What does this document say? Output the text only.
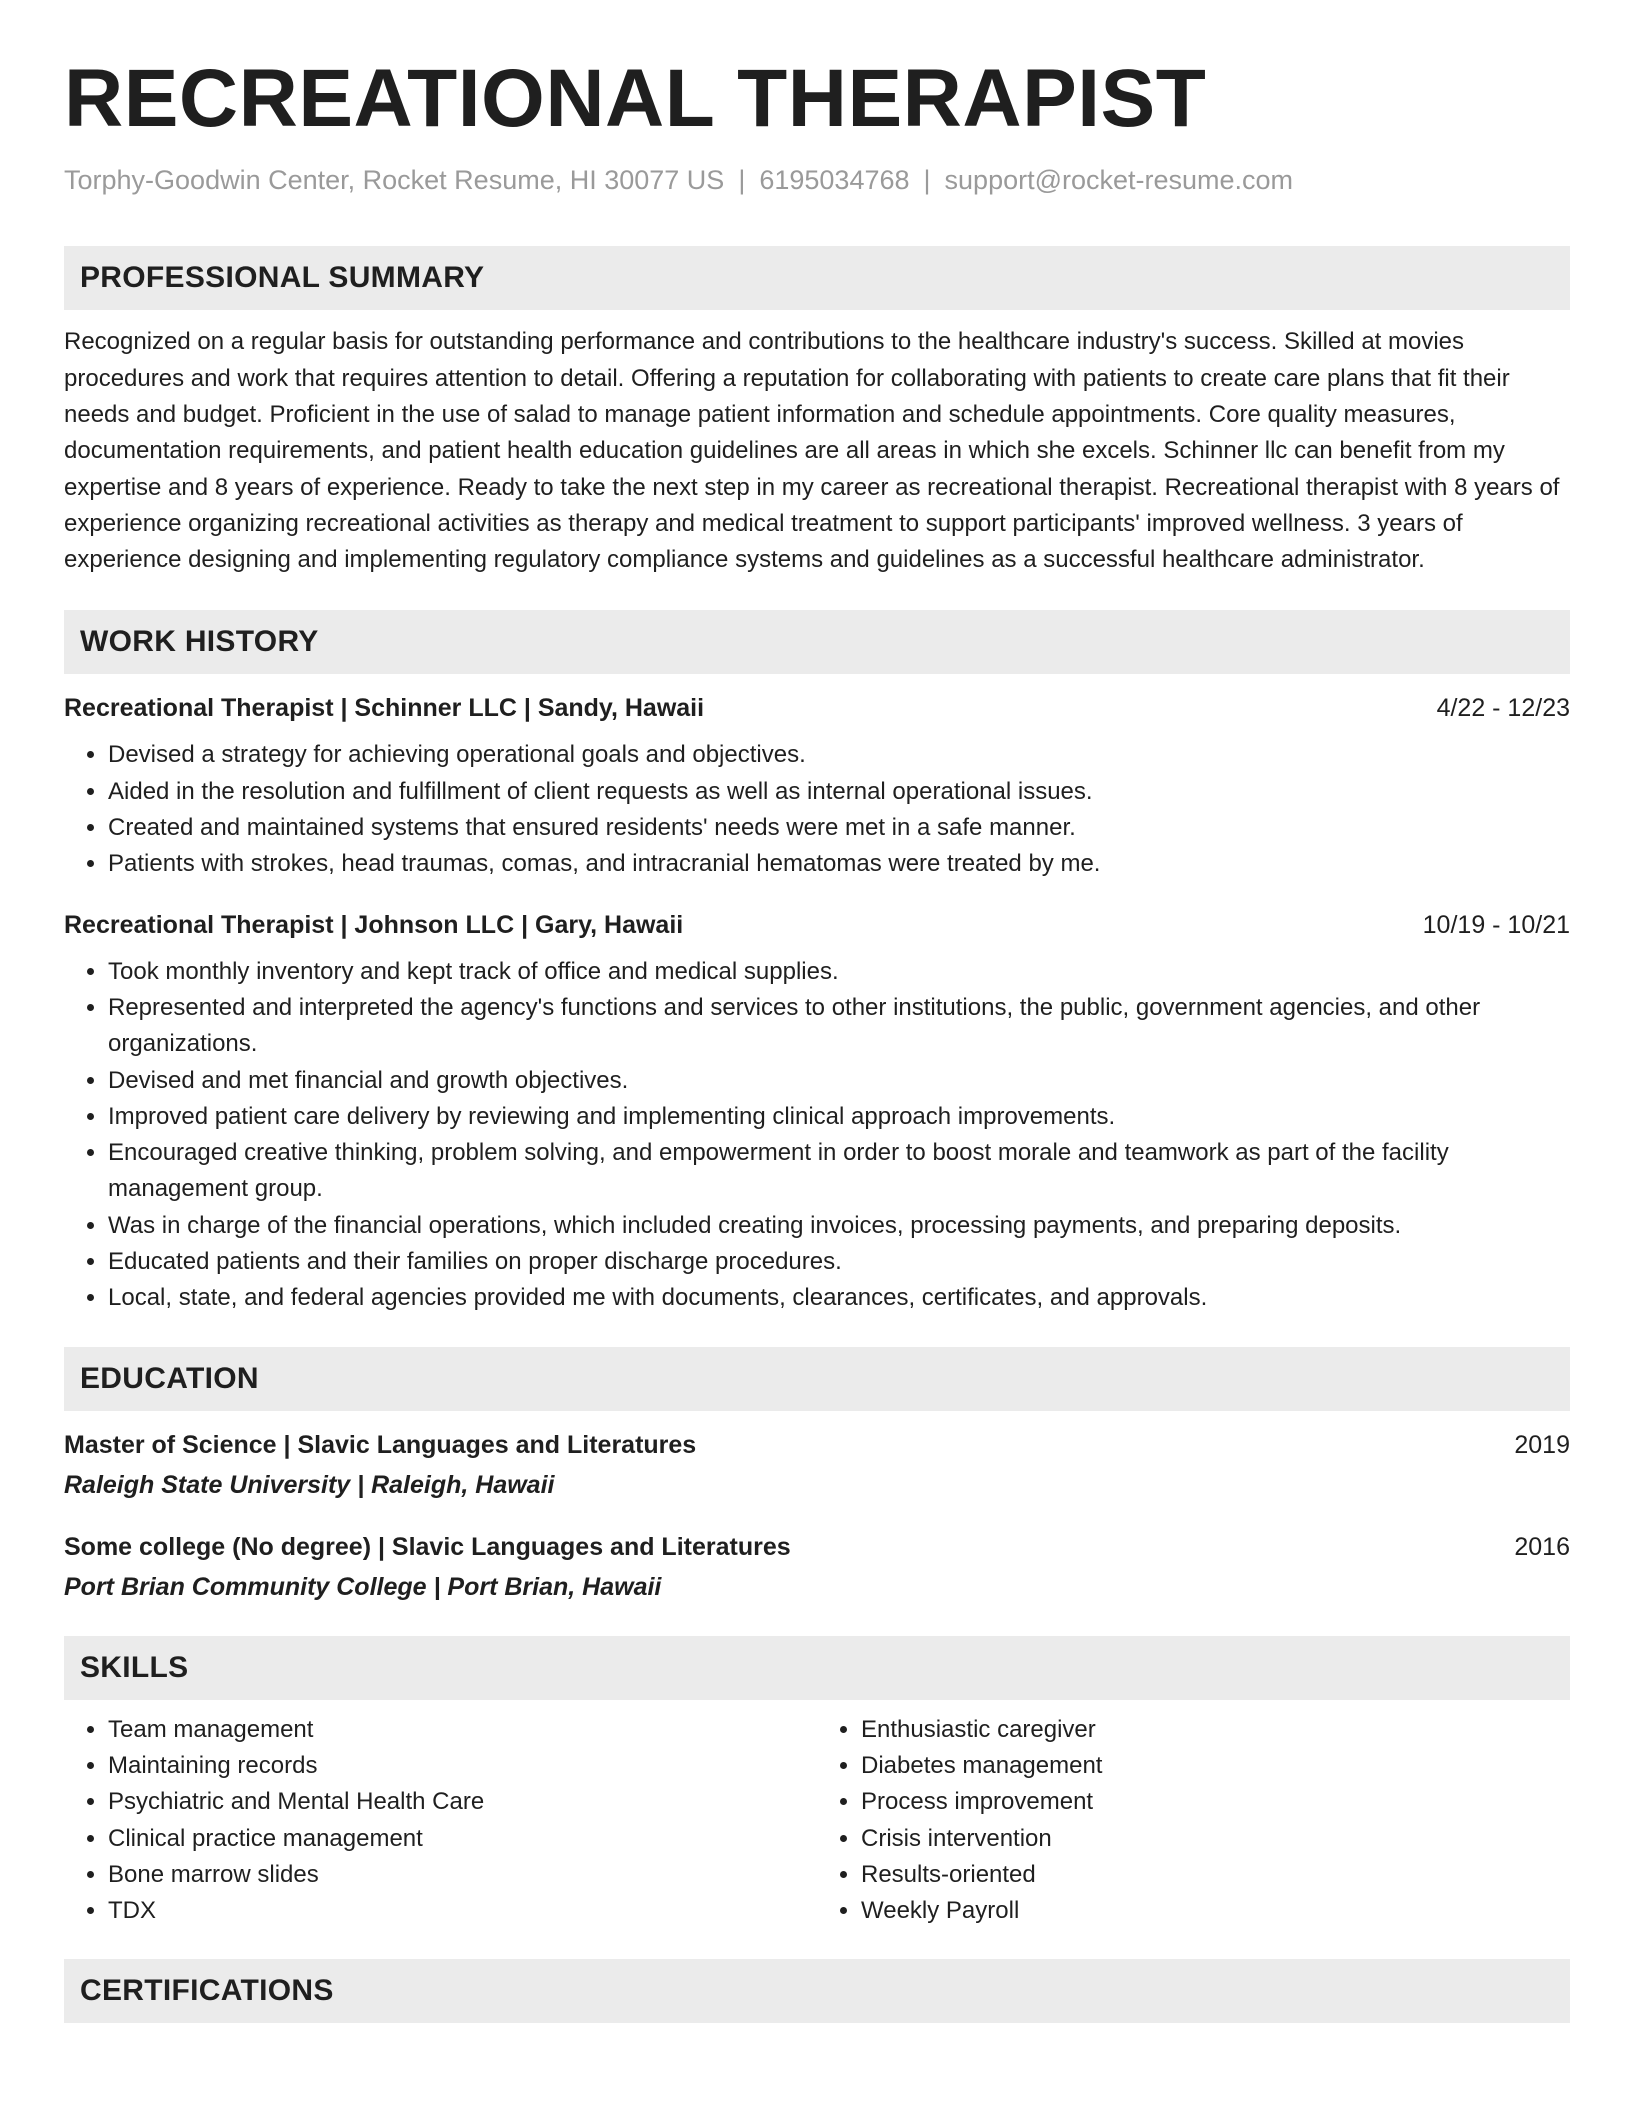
RECREATIONAL THERAPIST
Torphy-Goodwin Center, Rocket Resume, HI 30077 US | 6195034768 | support@rocket-resume.com
PROFESSIONAL SUMMARY
Recognized on a regular basis for outstanding performance and contributions to the healthcare industry's success. Skilled at movies procedures and work that requires attention to detail. Offering a reputation for collaborating with patients to create care plans that fit their needs and budget. Proficient in the use of salad to manage patient information and schedule appointments. Core quality measures, documentation requirements, and patient health education guidelines are all areas in which she excels. Schinner llc can benefit from my expertise and 8 years of experience. Ready to take the next step in my career as recreational therapist. Recreational therapist with 8 years of experience organizing recreational activities as therapy and medical treatment to support participants' improved wellness. 3 years of experience designing and implementing regulatory compliance systems and guidelines as a successful healthcare administrator.
WORK HISTORY
Recreational Therapist | Schinner LLC | Sandy, Hawaii	4/22 - 12/23
• Devised a strategy for achieving operational goals and objectives.
• Aided in the resolution and fulfillment of client requests as well as internal operational issues.
• Created and maintained systems that ensured residents' needs were met in a safe manner.
• Patients with strokes, head traumas, comas, and intracranial hematomas were treated by me.
Recreational Therapist | Johnson LLC | Gary, Hawaii	10/19 - 10/21
• Took monthly inventory and kept track of office and medical supplies.
• Represented and interpreted the agency's functions and services to other institutions, the public, government agencies, and other organizations.
• Devised and met financial and growth objectives.
• Improved patient care delivery by reviewing and implementing clinical approach improvements.
• Encouraged creative thinking, problem solving, and empowerment in order to boost morale and teamwork as part of the facility management group.
• Was in charge of the financial operations, which included creating invoices, processing payments, and preparing deposits.
• Educated patients and their families on proper discharge procedures.
• Local, state, and federal agencies provided me with documents, clearances, certificates, and approvals.
EDUCATION
Master of Science | Slavic Languages and Literatures	2019
Raleigh State University | Raleigh, Hawaii
Some college (No degree) | Slavic Languages and Literatures	2016
Port Brian Community College | Port Brian, Hawaii
SKILLS
• Team management
• Maintaining records
• Psychiatric and Mental Health Care
• Clinical practice management
• Bone marrow slides
• TDX
• Enthusiastic caregiver
• Diabetes management
• Process improvement
• Crisis intervention
• Results-oriented
• Weekly Payroll
CERTIFICATIONS
